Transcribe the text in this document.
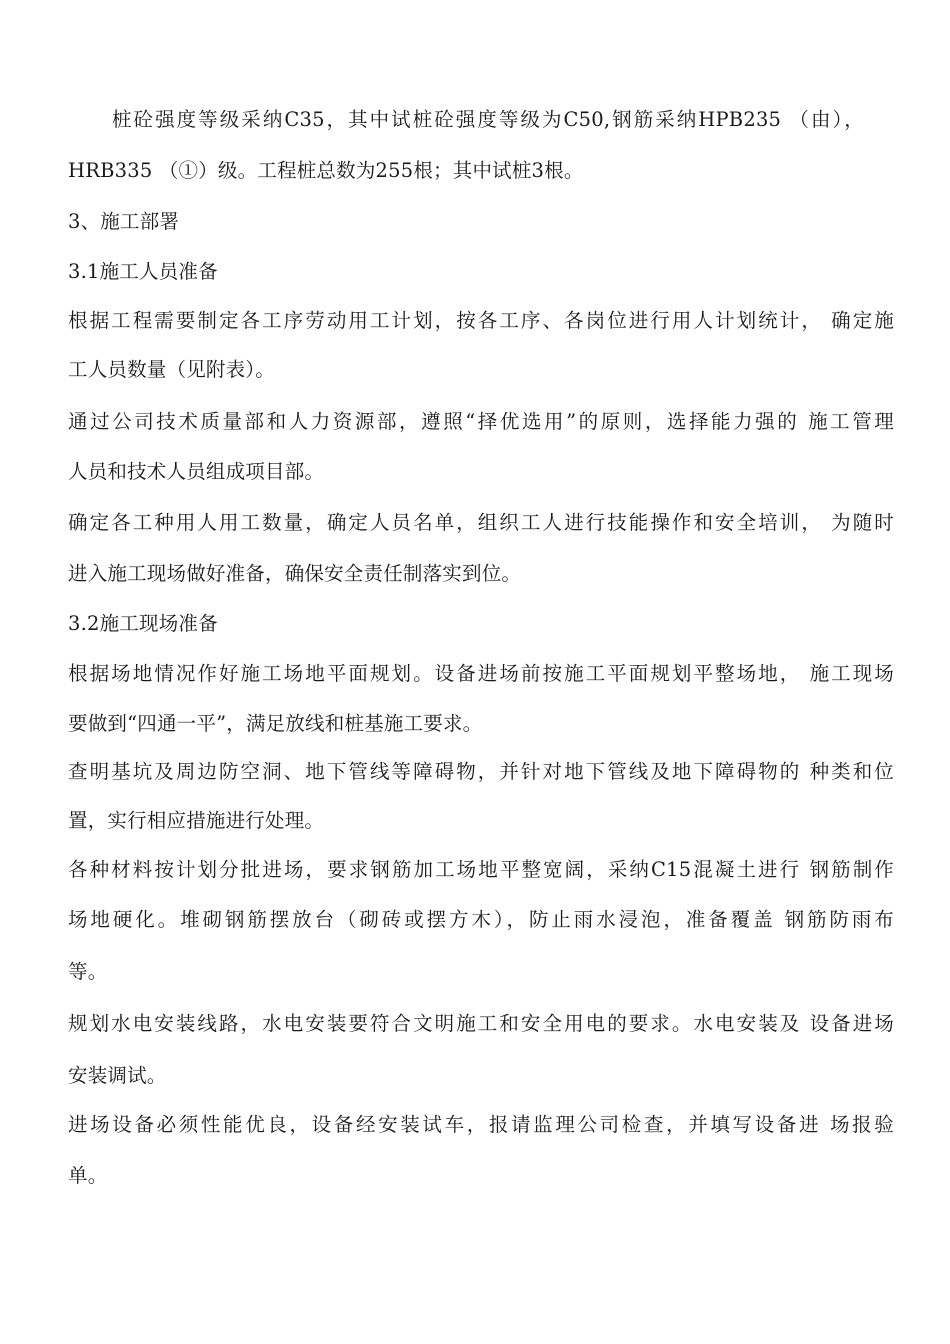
桩砼强度等级采纳C35，其中试桩砼强度等级为C50,钢筋采纳HPB235 （由），
HRB335 （①）级。工程桩总数为255根；其中试桩3根。
3、施工部署
3.1施工人员准备
根据工程需要制定各工序劳动用工计划，按各工序、各岗位进行用人计划统计， 确定施
工人员数量（见附表）。
通过公司技术质量部和人力资源部，遵照“择优选用”的原则，选择能力强的 施工管理
人员和技术人员组成项目部。
确定各工种用人用工数量，确定人员名单，组织工人进行技能操作和安全培训， 为随时
进入施工现场做好准备，确保安全责任制落实到位。
3.2施工现场准备
根据场地情况作好施工场地平面规划。设备进场前按施工平面规划平整场地， 施工现场
要做到“四通一平”，满足放线和桩基施工要求。
查明基坑及周边防空洞、地下管线等障碍物，并针对地下管线及地下障碍物的 种类和位
置，实行相应措施进行处理。
各种材料按计划分批进场，要求钢筋加工场地平整宽阔，采纳C15混凝土进行 钢筋制作
场地硬化。堆砌钢筋摆放台（砌砖或摆方木），防止雨水浸泡，准备覆盖 钢筋防雨布
等。
规划水电安装线路，水电安装要符合文明施工和安全用电的要求。水电安装及 设备进场
安装调试。
进场设备必须性能优良，设备经安装试车，报请监理公司检查，并填写设备进 场报验
单。
